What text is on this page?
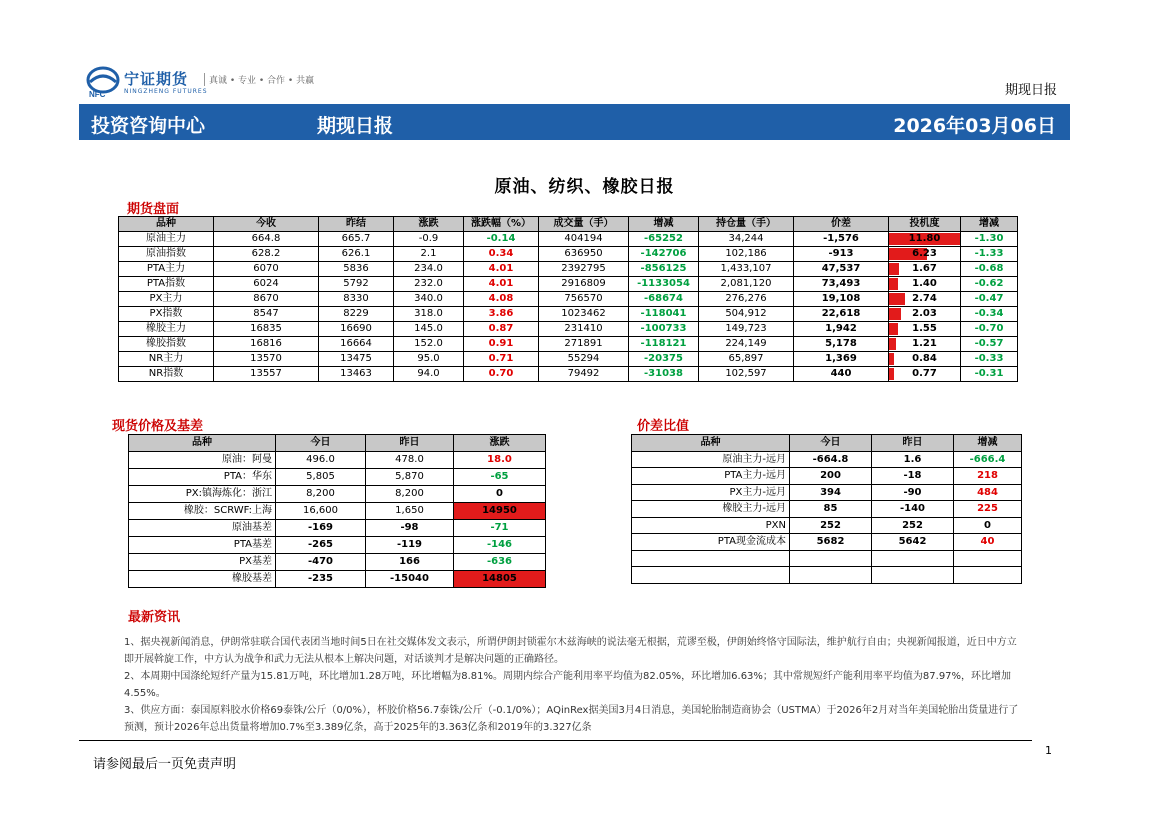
NFC
宁证期货
NINGZHENG FUTURES
真诚 • 专业 • 合作 • 共赢
期现日报
投资咨询中心	期现日报	2026年03月06日
原油、纺织、橡胶日报
期货盘面
品种	今收	昨结	涨跌	涨跌幅（%）	成交量（手）	增减	持仓量（手）	价差	投机度	增减
原油主力	664.8	665.7	-0.9	-0.14	404194	-65252	34,244	-1,576	11.80	-1.30
原油指数	628.2	626.1	2.1	0.34	636950	-142706	102,186	-913	6.23	-1.33
PTA主力	6070	5836	234.0	4.01	2392795	-856125	1,433,107	47,537	1.67	-0.68
PTA指数	6024	5792	232.0	4.01	2916809	-1133054	2,081,120	73,493	1.40	-0.62
PX主力	8670	8330	340.0	4.08	756570	-68674	276,276	19,108	2.74	-0.47
PX指数	8547	8229	318.0	3.86	1023462	-118041	504,912	22,618	2.03	-0.34
橡胶主力	16835	16690	145.0	0.87	231410	-100733	149,723	1,942	1.55	-0.70
橡胶指数	16816	16664	152.0	0.91	271891	-118121	224,149	5,178	1.21	-0.57
NR主力	13570	13475	95.0	0.71	55294	-20375	65,897	1,369	0.84	-0.33
NR指数	13557	13463	94.0	0.70	79492	-31038	102,597	440	0.77	-0.31
现货价格及基差
品种	今日	昨日	涨跌
原油：阿曼	496.0	478.0	18.0
PTA：华东	5,805	5,870	-65
PX:镇海炼化：浙江	8,200	8,200	0
橡胶：SCRWF:上海	16,600	1,650	14950
原油基差	-169	-98	-71
PTA基差	-265	-119	-146
PX基差	-470	166	-636
橡胶基差	-235	-15040	14805
价差比值
品种	今日	昨日	增减
原油主力-远月	-664.8	1.6	-666.4
PTA主力-远月	200	-18	218
PX主力-远月	394	-90	484
橡胶主力-远月	85	-140	225
PXN	252	252	0
PTA现金流成本	5682	5642	40

最新资讯

1、据央视新闻消息，伊朗常驻联合国代表团当地时间5日在社交媒体发文表示，所谓伊朗封锁霍尔木兹海峡的说法毫无根据，荒谬至极，伊朗始终恪守国际法，维护航行自由；央视新闻报道，近日中方立即开展斡旋工作，中方认为战争和武力无法从根本上解决问题，对话谈判才是解决问题的正确路径。

2、本周期中国涤纶短纤产量为15.81万吨，环比增加1.28万吨，环比增幅为8.81%。周期内综合产能利用率平均值为82.05%，环比增加6.63%；其中常规短纤产能利用率平均值为87.97%，环比增加4.55%。

3、供应方面：泰国原料胶水价格69泰铢/公斤（0/0%），杯胶价格56.7泰铢/公斤（-0.1/0%）；AQinRex据美国3月4日消息，美国轮胎制造商协会（USTMA）于2026年2月对当年美国轮胎出货量进行了预测，预计2026年总出货量将增加0.7%至3.389亿条，高于2025年的3.363亿条和2019年的3.327亿条

1
请参阅最后一页免责声明
